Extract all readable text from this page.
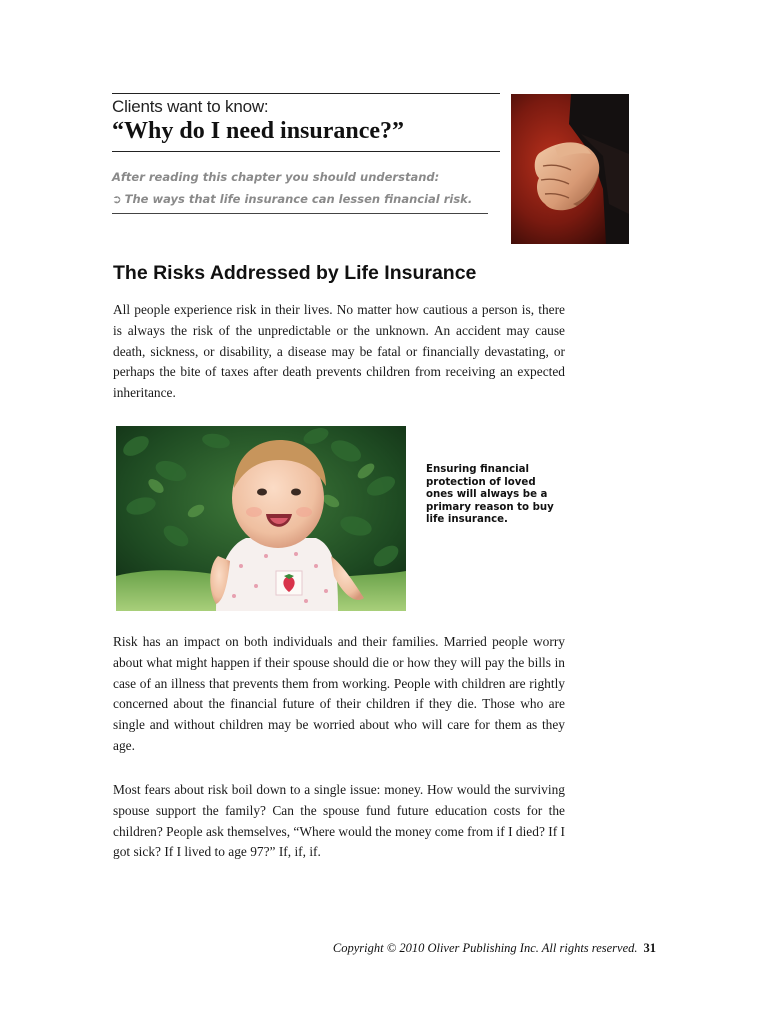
Clients want to know:
“Why do I need insurance?”
After reading this chapter you should understand:
➲ The ways that life insurance can lessen financial risk.
The Risks Addressed by Life Insurance
All people experience risk in their lives. No matter how cautious a person is, there is always the risk of the unpredictable or the unknown. An accident may cause death, sickness, or disability, a disease may be fatal or financially devastating, or perhaps the bite of taxes after death prevents children from receiving an expected inheritance.
Ensuring financial protection of loved ones will always be a primary reason to buy life insurance.
Risk has an impact on both individuals and their families. Married people worry about what might happen if their spouse should die or how they will pay the bills in case of an illness that prevents them from working. People with children are rightly concerned about the financial future of their children if they die. Those who are single and without children may be worried about who will care for them as they age.
Most fears about risk boil down to a single issue: money. How would the surviving spouse support the family? Can the spouse fund future education costs for the children? People ask themselves, “Where would the money come from if I died? If I got sick? If I lived to age 97?” If, if, if.
Copyright © 2010 Oliver Publishing Inc. All rights reserved. 31
